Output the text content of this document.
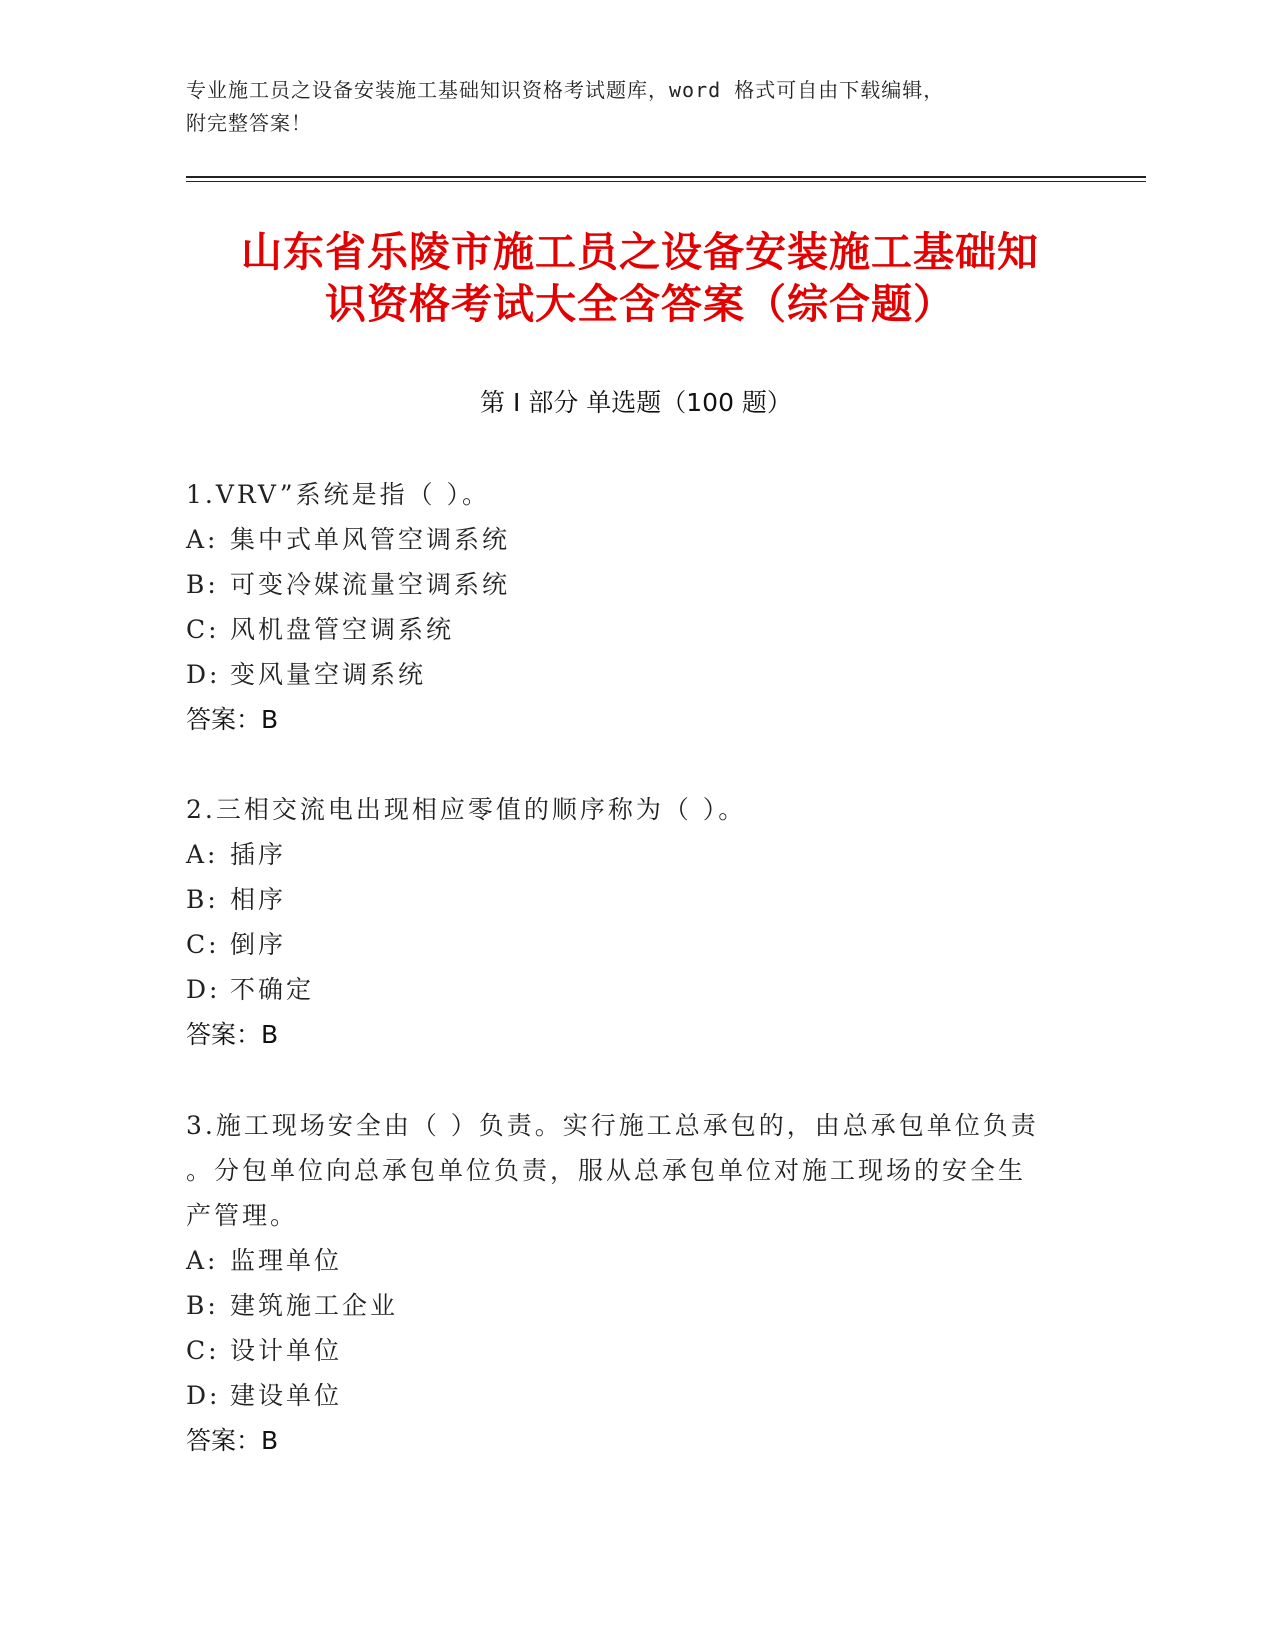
专业施工员之设备安装施工基础知识资格考试题库，word 格式可自由下载编辑，
附完整答案！
山东省乐陵市施工员之设备安装施工基础知
识资格考试大全含答案（综合题）
第 I 部分 单选题（100 题）

1.VRV”系统是指（ ）。

A: 集中式单风管空调系统

B: 可变冷媒流量空调系统

C: 风机盘管空调系统

D: 变风量空调系统

答案：B

2.三相交流电出现相应零值的顺序称为（ ）。

A: 插序

B: 相序

C: 倒序

D: 不确定

答案：B

3.施工现场安全由（ ）负责。实行施工总承包的，由总承包单位负责

。分包单位向总承包单位负责，服从总承包单位对施工现场的安全生

产管理。

A: 监理单位

B: 建筑施工企业

C: 设计单位

D: 建设单位

答案：B
